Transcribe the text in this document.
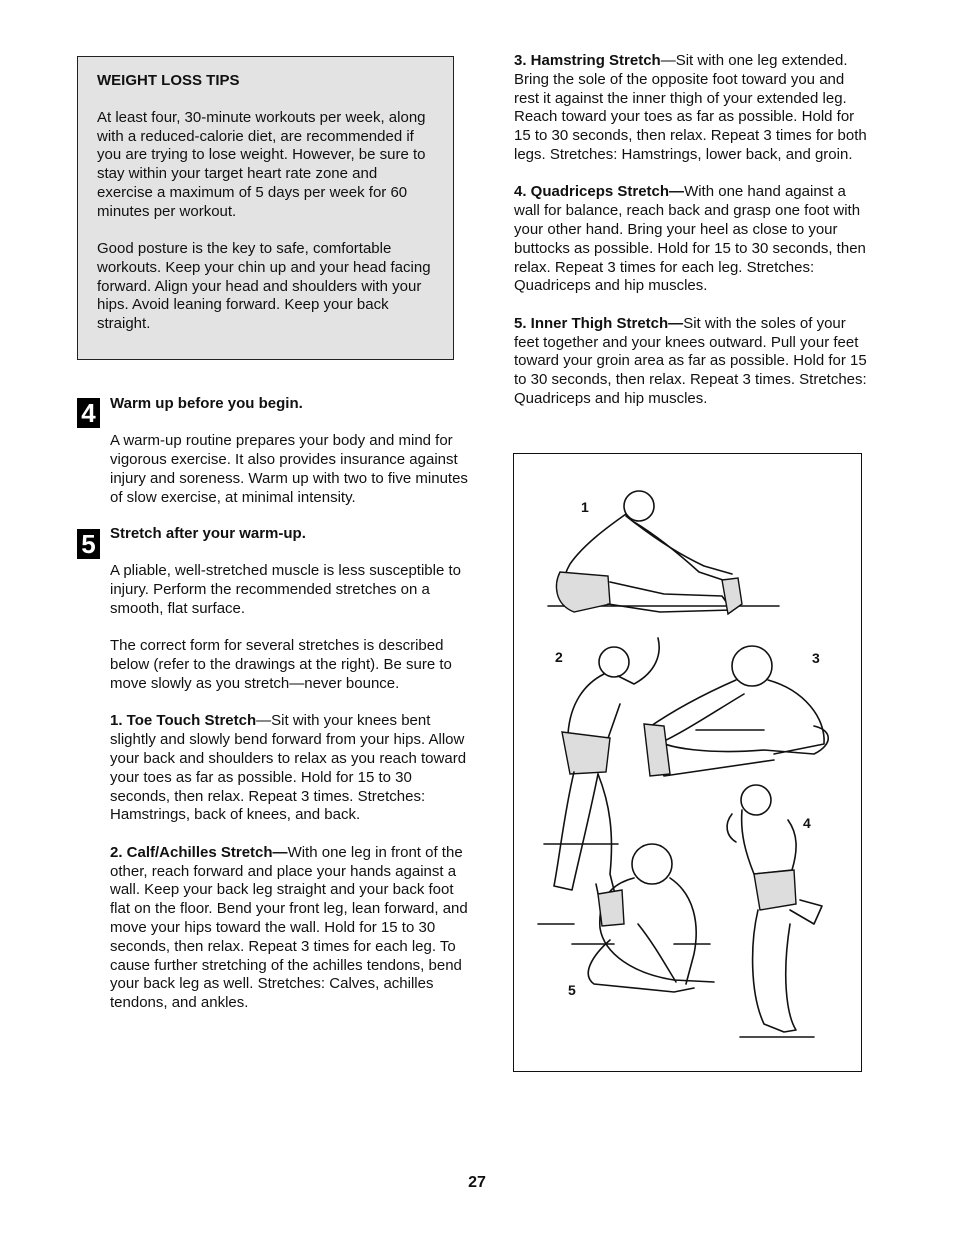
WEIGHT LOSS TIPS

At least four, 30-minute workouts per week, along with a reduced-calorie diet, are recommended if you are trying to lose weight. However, be sure to stay within your target heart rate zone and exercise a maximum of 5 days per week for 60 minutes per workout.

Good posture is the key to safe, comfortable workouts. Keep your chin up and your head facing forward. Align your head and shoulders with your hips. Avoid leaning forward. Keep your back straight.

4 Warm up before you begin.

A warm-up routine prepares your body and mind for vigorous exercise. It also provides insurance against injury and soreness. Warm up with two to five minutes of slow exercise, at minimal intensity.

5 Stretch after your warm-up.

A pliable, well-stretched muscle is less susceptible to injury. Perform the recommended stretches on a smooth, flat surface.

The correct form for several stretches is described below (refer to the drawings at the right). Be sure to move slowly as you stretch—never bounce.

1. Toe Touch Stretch—Sit with your knees bent slightly and slowly bend forward from your hips. Allow your back and shoulders to relax as you reach toward your toes as far as possible. Hold for 15 to 30 seconds, then relax. Repeat 3 times. Stretches: Hamstrings, back of knees, and back.

2. Calf/Achilles Stretch—With one leg in front of the other, reach forward and place your hands against a wall. Keep your back leg straight and your back foot flat on the floor. Bend your front leg, lean forward, and move your hips toward the wall. Hold for 15 to 30 seconds, then relax. Repeat 3 times for each leg. To cause further stretching of the achilles tendons, bend your back leg as well. Stretches: Calves, achilles tendons, and ankles.

3. Hamstring Stretch—Sit with one leg extended. Bring the sole of the opposite foot toward you and rest it against the inner thigh of your extended leg. Reach toward your toes as far as possible. Hold for 15 to 30 seconds, then relax. Repeat 3 times for both legs. Stretches: Hamstrings, lower back, and groin.

4. Quadriceps Stretch—With one hand against a wall for balance, reach back and grasp one foot with your other hand. Bring your heel as close to your buttocks as possible. Hold for 15 to 30 seconds, then relax. Repeat 3 times for each leg. Stretches: Quadriceps and hip muscles.

5. Inner Thigh Stretch—Sit with the soles of your feet together and your knees outward. Pull your feet toward your groin area as far as possible. Hold for 15 to 30 seconds, then relax. Repeat 3 times. Stretches: Quadriceps and hip muscles.

1
2	3
4
5
27
